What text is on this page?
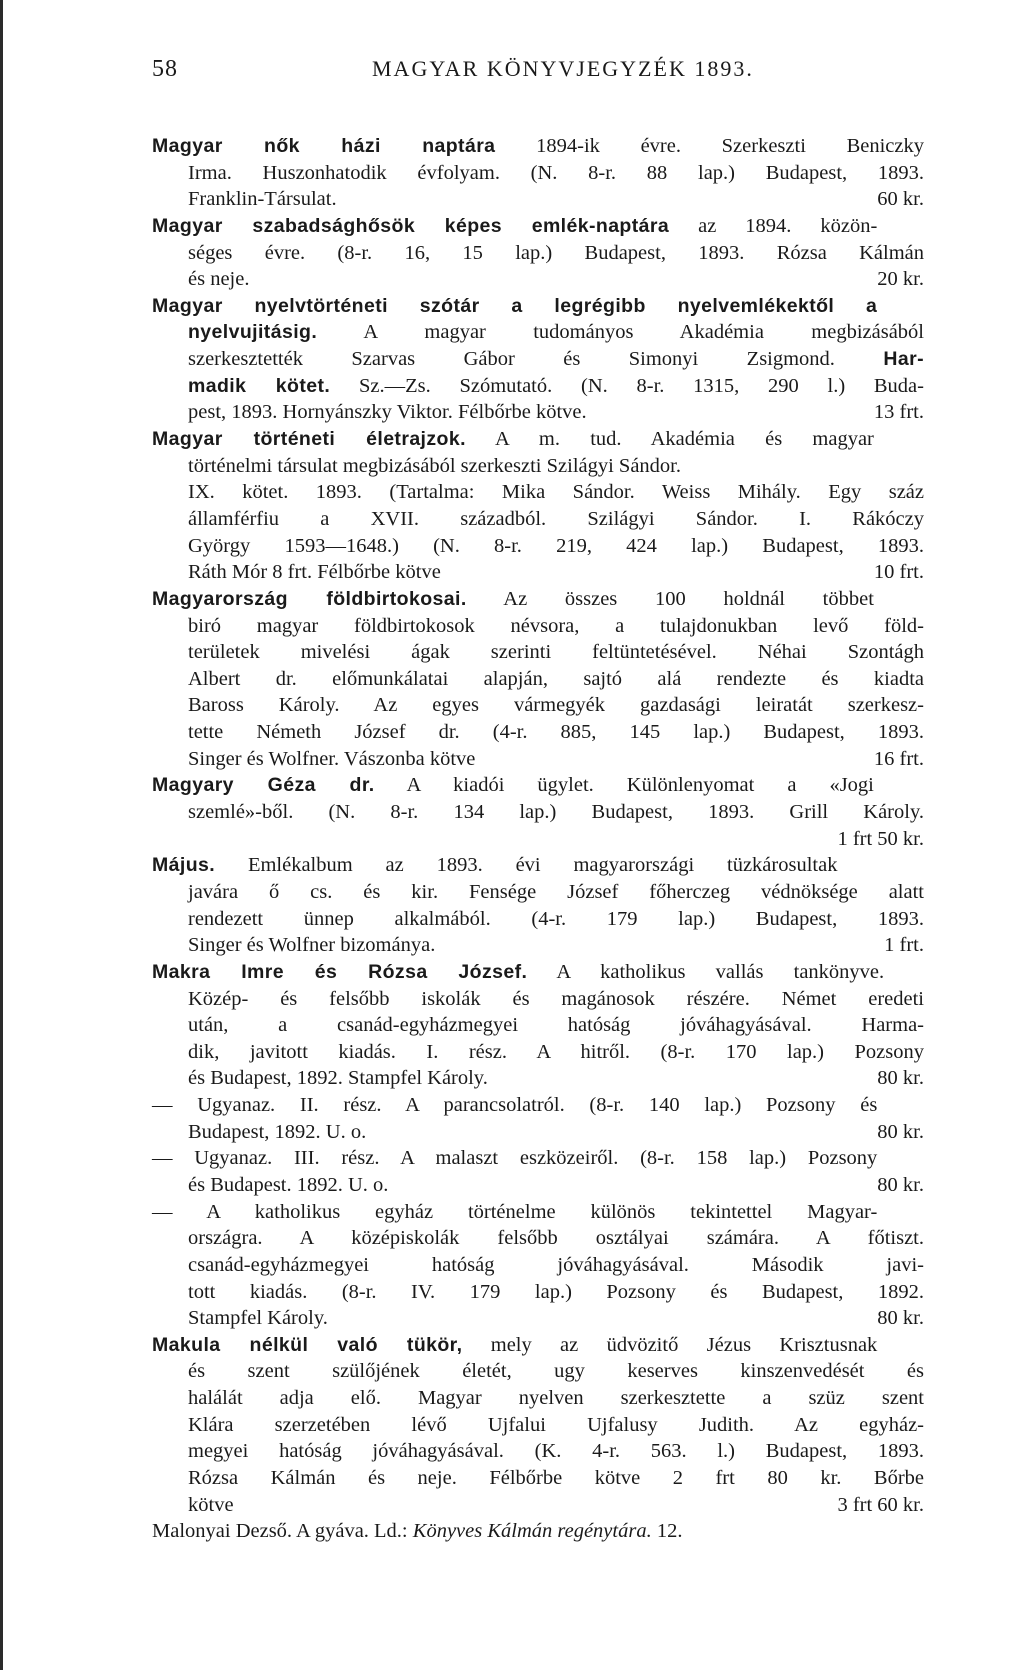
58	MAGYAR KÖNYVJEGYZÉK 1893.
Magyar nők házi naptára 1894-ik évre. Szerkeszti Beniczky
Irma. Huszonhatodik évfolyam. (N. 8-r. 88 lap.) Budapest, 1893.
60 kr.
Franklin-Társulat.
Magyar szabadsághősök képes emlék-naptára az 1894. közön-
séges évre. (8-r. 16, 15 lap.) Budapest, 1893. Rózsa Kálmán
20 kr.
és neje.
Magyar nyelvtörténeti szótár a legrégibb nyelvemlékektől a
nyelvujitásig. A magyar tudományos Akadémia megbizásából
szerkesztették Szarvas Gábor és Simonyi Zsigmond. Har-
madik kötet. Sz.—Zs. Szómutató. (N. 8-r. 1315, 290 l.) Buda-
13 frt.
pest, 1893. Hornyánszky Viktor. Félbőrbe kötve.
Magyar történeti életrajzok. A m. tud. Akadémia és magyar
történelmi társulat megbizásából szerkeszti Szilágyi Sándor.
IX. kötet. 1893. (Tartalma: Mika Sándor. Weiss Mihály. Egy száz
államférfiu a XVII. századból. Szilágyi Sándor. I. Rákóczy
György 1593—1648.) (N. 8-r. 219, 424 lap.) Budapest, 1893.
10 frt.
Ráth Mór 8 frt. Félbőrbe kötve
Magyarország földbirtokosai. Az összes 100 holdnál többet
biró magyar földbirtokosok névsora, a tulajdonukban levő föld-
területek mivelési ágak szerinti feltüntetésével. Néhai Szontágh
Albert dr. előmunkálatai alapján, sajtó alá rendezte és kiadta
Baross Károly. Az egyes vármegyék gazdasági leiratát szerkesz-
tette Németh József dr. (4-r. 885, 145 lap.) Budapest, 1893.
16 frt.
Singer és Wolfner. Vászonba kötve
Magyary Géza dr. A kiadói ügylet. Különlenyomat a «Jogi
szemlé»-ből. (N. 8-r. 134 lap.) Budapest, 1893. Grill Károly.
1 frt 50 kr.
Május. Emlékalbum az 1893. évi magyarországi tüzkárosultak
javára ő cs. és kir. Fensége József főherczeg védnöksége alatt
rendezett ünnep alkalmából. (4-r. 179 lap.) Budapest, 1893.
1 frt.
Singer és Wolfner bizománya.
Makra Imre és Rózsa József. A katholikus vallás tankönyve.
Közép- és felsőbb iskolák és magánosok részére. Német eredeti
után, a csanád-egyházmegyei hatóság jóváhagyásával. Harma-
dik, javitott kiadás. I. rész. A hitről. (8-r. 170 lap.) Pozsony
80 kr.
és Budapest, 1892. Stampfel Károly.
— Ugyanaz. II. rész. A parancsolatról. (8-r. 140 lap.) Pozsony és
80 kr.
Budapest, 1892. U. o.
— Ugyanaz. III. rész. A malaszt eszközeiről. (8-r. 158 lap.) Pozsony
80 kr.
és Budapest. 1892. U. o.
— A katholikus egyház történelme különös tekintettel Magyar-
országra. A középiskolák felsőbb osztályai számára. A főtiszt.
csanád-egyházmegyei hatóság jóváhagyásával. Második javi-
tott kiadás. (8-r. IV. 179 lap.) Pozsony és Budapest, 1892.
80 kr.
Stampfel Károly.
Makula nélkül való tükör, mely az üdvözitő Jézus Krisztusnak
és szent szülőjének életét, ugy keserves kinszenvedését és
halálát adja elő. Magyar nyelven szerkesztette a szüz szent
Klára szerzetében lévő Ujfalui Ujfalusy Judith. Az egyház-
megyei hatóság jóváhagyásával. (K. 4-r. 563. l.) Budapest, 1893.
Rózsa Kálmán és neje. Félbőrbe kötve 2 frt 80 kr. Bőrbe
3 frt 60 kr.
kötve
Malonyai Dezső. A gyáva. Ld.: Könyves Kálmán regénytára. 12.
